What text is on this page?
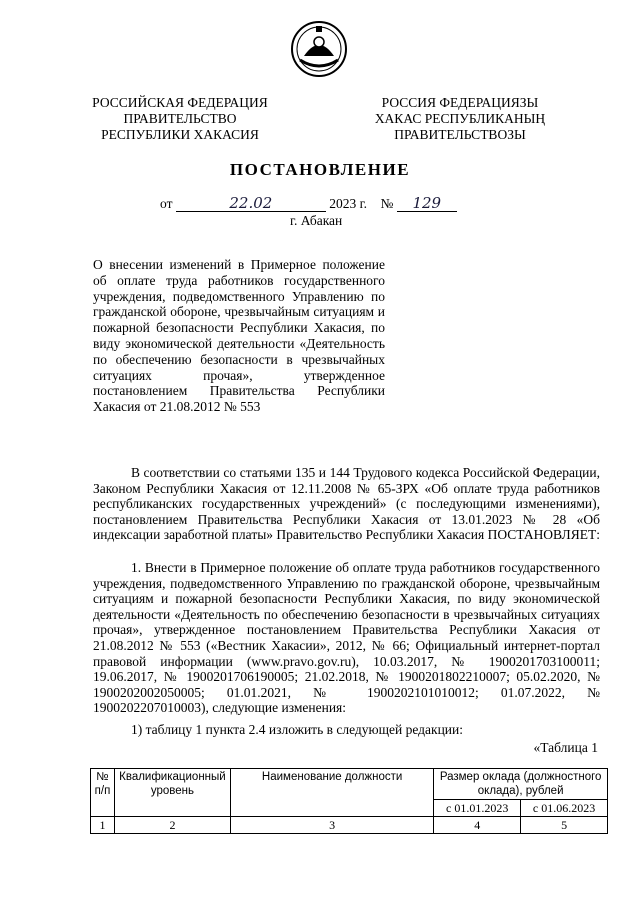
РОССИЙСКАЯ ФЕДЕРАЦИЯ
ПРАВИТЕЛЬСТВО
РЕСПУБЛИКИ ХАКАСИЯ
РОССИЯ ФЕДЕРАЦИЯЗЫ
ХАКАС РЕСПУБЛИКАНЫҢ
ПРАВИТЕЛЬСТВОЗЫ
ПОСТАНОВЛЕНИЕ
от	22.02	2023 г. № 129
г. Абакан
О внесении изменений в Примерное положение об оплате труда работников государственного учреждения, подведомственного Управлению по гражданской обороне, чрезвычайным ситуациям и пожарной безопасности Республики Хакасия, по виду экономической деятельности «Деятельность по обеспечению безопасности в чрезвычайных ситуациях прочая», утвержденное постановлением Правительства Республики Хакасия от 21.08.2012 № 553

В соответствии со статьями 135 и 144 Трудового кодекса Российской Федерации, Законом Республики Хакасия от 12.11.2008 № 65-ЗРХ «Об оплате труда работников республиканских государственных учреждений» (с последующими изменениями), постановлением Правительства Республики Хакасия от 13.01.2023 № 28 «Об индексации заработной платы» Правительство Республики Хакасия ПОСТАНОВЛЯЕТ:

1. Внести в Примерное положение об оплате труда работников государственного учреждения, подведомственного Управлению по гражданской обороне, чрезвычайным ситуациям и пожарной безопасности Республики Хакасия, по виду экономической деятельности «Деятельность по обеспечению безопасности в чрезвычайных ситуациях прочая», утвержденное постановлением Правительства Республики Хакасия от 21.08.2012 № 553 («Вестник Хакасии», 2012, № 66; Официальный интернет-портал правовой информации (www.pravo.gov.ru), 10.03.2017, № 1900201703100011; 19.06.2017, № 1900201706190005; 21.02.2018, № 1900201802210007; 05.02.2020, № 1900202002050005; 01.01.2021, № 1900202101010012; 01.07.2022, № 1900202207010003), следующие изменения:

1) таблицу 1 пункта 2.4 изложить в следующей редакции:

«Таблица 1
№ п/п	Квалификационный уровень	Наименование должности	Размер оклада (должностного оклада), рублей	
			с 01.01.2023	с 01.06.2023
1	2	3	4	5
